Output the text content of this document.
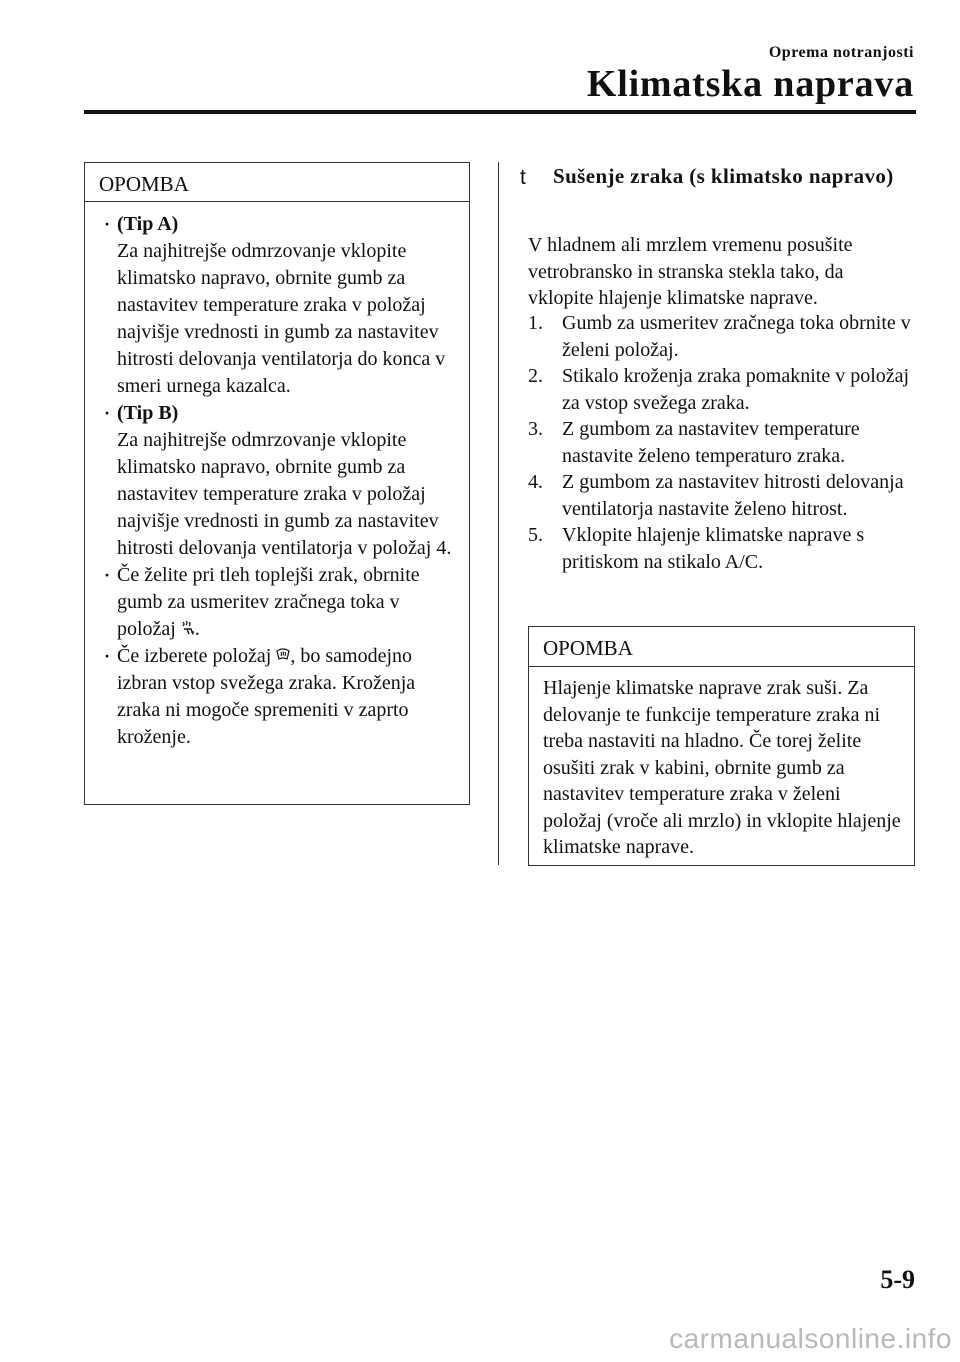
Oprema notranjosti
Klimatska naprava
OPOMBA
· (Tip A)
Za najhitrejše odmrzovanje vklopite klimatsko napravo, obrnite gumb za nastavitev temperature zraka v položaj najvišje vrednosti in gumb za nastavitev hitrosti delovanja ventilatorja do konca v smeri urnega kazalca.
· (Tip B)
Za najhitrejše odmrzovanje vklopite klimatsko napravo, obrnite gumb za nastavitev temperature zraka v položaj najvišje vrednosti in gumb za nastavitev hitrosti delovanja ventilatorja v položaj 4.
· Če želite pri tleh toplejši zrak, obrnite gumb za usmeritev zračnega toka v položaj .
· Če izberete položaj , bo samodejno izbran vstop svežega zraka. Kroženja zraka ni mogoče spremeniti v zaprto kroženje.
t	Sušenje zraka (s klimatsko napravo)
V hladnem ali mrzlem vremenu posušite vetrobransko in stranska stekla tako, da vklopite hlajenje klimatske naprave.
1. Gumb za usmeritev zračnega toka obrnite v želeni položaj.
2. Stikalo kroženja zraka pomaknite v položaj za vstop svežega zraka.
3. Z gumbom za nastavitev temperature nastavite želeno temperaturo zraka.
4. Z gumbom za nastavitev hitrosti delovanja ventilatorja nastavite želeno hitrost.
5. Vklopite hlajenje klimatske naprave s pritiskom na stikalo A/C.
OPOMBA
Hlajenje klimatske naprave zrak suši. Za delovanje te funkcije temperature zraka ni treba nastaviti na hladno. Če torej želite osušiti zrak v kabini, obrnite gumb za nastavitev temperature zraka v želeni položaj (vroče ali mrzlo) in vklopite hlajenje klimatske naprave.
5-9
carmanualsonline.info
